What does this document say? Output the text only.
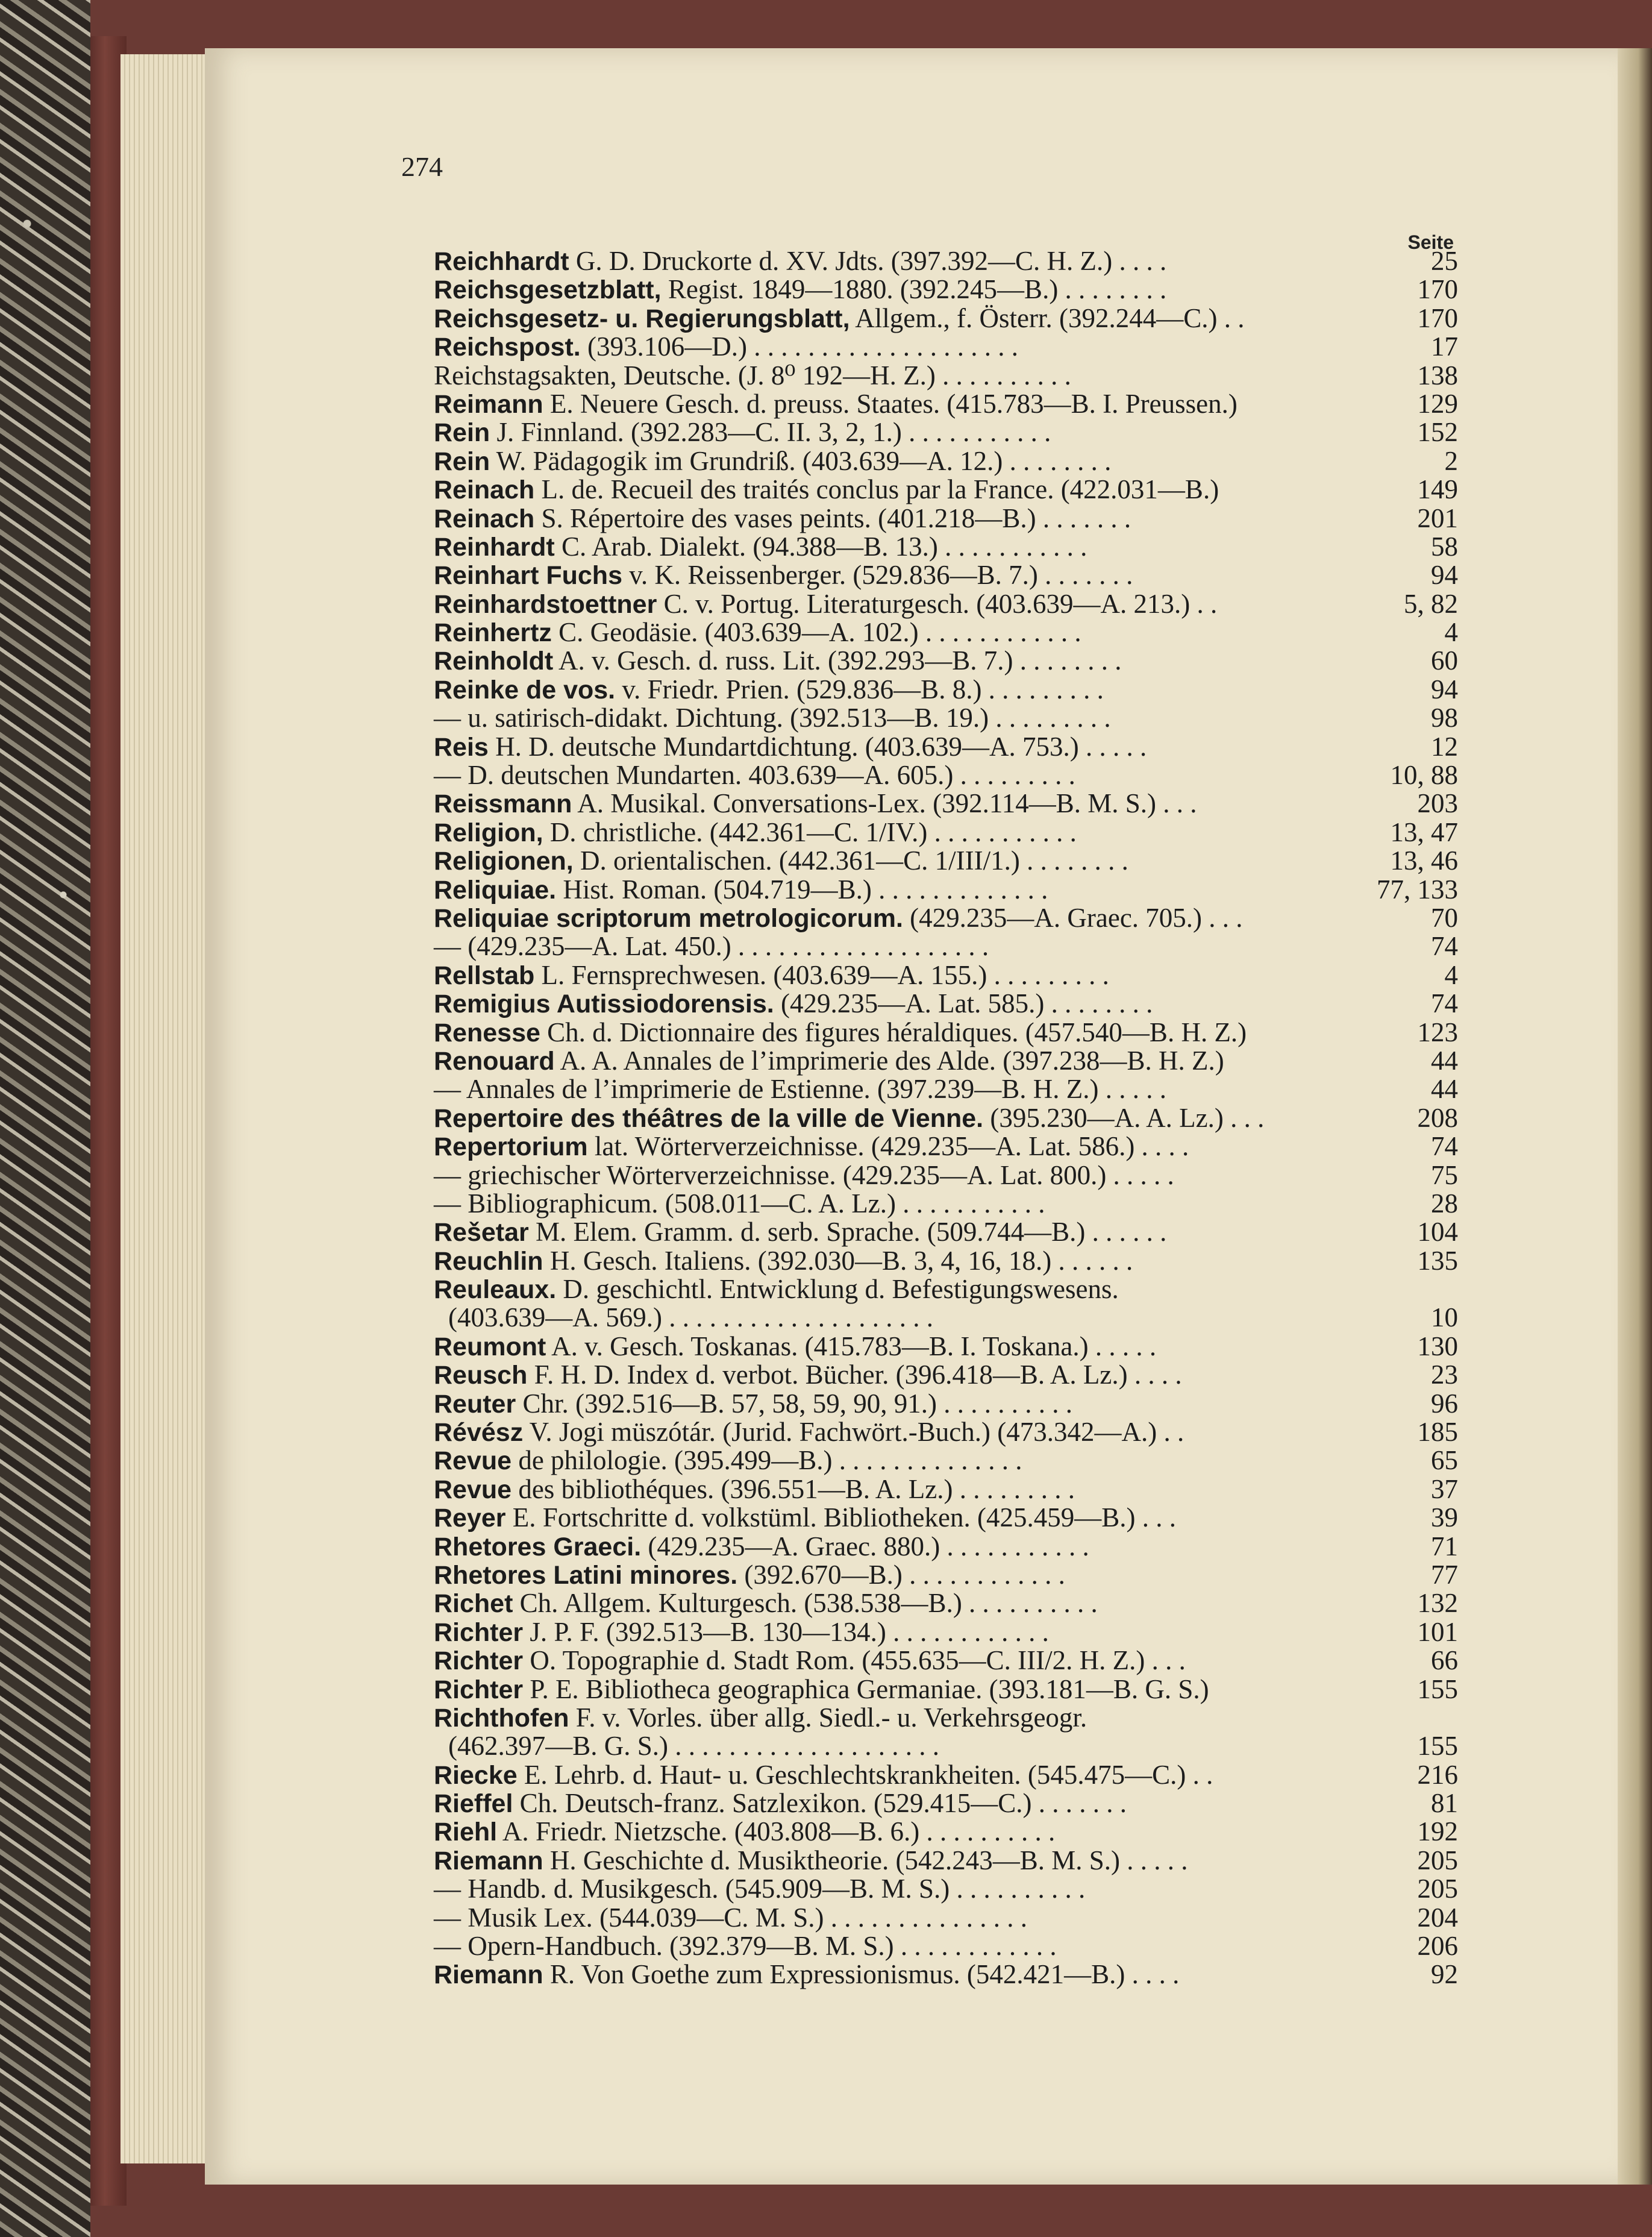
274
Seite
Reichhardt G. D. Druckorte d. XV. Jdts. (397.392—C. H. Z.) . . . .	25
Reichsgesetzblatt, Regist. 1849—1880. (392.245—B.) . . . . . . . .	170
Reichsgesetz- u. Regierungsblatt, Allgem., f. Österr. (392.244—C.) . .	170
Reichspost. (393.106—D.) . . . . . . . . . . . . . . . . . . . .	17
Reichstagsakten, Deutsche. (J. 8⁰ 192—H. Z.) . . . . . . . . . .	138
Reimann E. Neuere Gesch. d. preuss. Staates. (415.783—B. I. Preussen.)	129
Rein J. Finnland. (392.283—C. II. 3, 2, 1.) . . . . . . . . . . .	152
Rein W. Pädagogik im Grundriß. (403.639—A. 12.) . . . . . . . .	2
Reinach L. de. Recueil des traités conclus par la France. (422.031—B.)	149
Reinach S. Répertoire des vases peints. (401.218—B.) . . . . . . .	201
Reinhardt C. Arab. Dialekt. (94.388—B. 13.) . . . . . . . . . . .	58
Reinhart Fuchs v. K. Reissenberger. (529.836—B. 7.) . . . . . . .	94
Reinhardstoettner C. v. Portug. Literaturgesch. (403.639—A. 213.) . .	5, 82
Reinhertz C. Geodäsie. (403.639—A. 102.) . . . . . . . . . . . .	4
Reinholdt A. v. Gesch. d. russ. Lit. (392.293—B. 7.) . . . . . . . .	60
Reinke de vos. v. Friedr. Prien. (529.836—B. 8.) . . . . . . . . .	94
— u. satirisch-didakt. Dichtung. (392.513—B. 19.) . . . . . . . . .	98
Reis H. D. deutsche Mundartdichtung. (403.639—A. 753.) . . . . .	12
— D. deutschen Mundarten. 403.639—A. 605.) . . . . . . . . .	10, 88
Reissmann A. Musikal. Conversations-Lex. (392.114—B. M. S.) . . .	203
Religion, D. christliche. (442.361—C. 1/IV.) . . . . . . . . . . .	13, 47
Religionen, D. orientalischen. (442.361—C. 1/III/1.) . . . . . . . .	13, 46
Reliquiae. Hist. Roman. (504.719—B.) . . . . . . . . . . . . .	77, 133
Reliquiae scriptorum metrologicorum. (429.235—A. Graec. 705.) . . .	70
— (429.235—A. Lat. 450.) . . . . . . . . . . . . . . . . . . .	74
Rellstab L. Fernsprechwesen. (403.639—A. 155.) . . . . . . . . .	4
Remigius Autissiodorensis. (429.235—A. Lat. 585.) . . . . . . . .	74
Renesse Ch. d. Dictionnaire des figures héraldiques. (457.540—B. H. Z.)	123
Renouard A. A. Annales de l’imprimerie des Alde. (397.238—B. H. Z.)	44
— Annales de l’imprimerie de Estienne. (397.239—B. H. Z.) . . . . .	44
Repertoire des théâtres de la ville de Vienne. (395.230—A. A. Lz.) . . .	208
Repertorium lat. Wörterverzeichnisse. (429.235—A. Lat. 586.) . . . .	74
— griechischer Wörterverzeichnisse. (429.235—A. Lat. 800.) . . . . .	75
— Bibliographicum. (508.011—C. A. Lz.) . . . . . . . . . . .	28
Rešetar M. Elem. Gramm. d. serb. Sprache. (509.744—B.) . . . . . .	104
Reuchlin H. Gesch. Italiens. (392.030—B. 3, 4, 16, 18.) . . . . . .	135
Reuleaux. D. geschichtl. Entwicklung d. Befestigungswesens.
(403.639—A. 569.) . . . . . . . . . . . . . . . . . . . .	10
Reumont A. v. Gesch. Toskanas. (415.783—B. I. Toskana.) . . . . .	130
Reusch F. H. D. Index d. verbot. Bücher. (396.418—B. A. Lz.) . . . .	23
Reuter Chr. (392.516—B. 57, 58, 59, 90, 91.) . . . . . . . . . .	96
Révész V. Jogi müszótár. (Jurid. Fachwört.-Buch.) (473.342—A.) . .	185
Revue de philologie. (395.499—B.) . . . . . . . . . . . . . .	65
Revue des bibliothéques. (396.551—B. A. Lz.) . . . . . . . . .	37
Reyer E. Fortschritte d. volkstüml. Bibliotheken. (425.459—B.) . . .	39
Rhetores Graeci. (429.235—A. Graec. 880.) . . . . . . . . . . .	71
Rhetores Latini minores. (392.670—B.) . . . . . . . . . . . .	77
Richet Ch. Allgem. Kulturgesch. (538.538—B.) . . . . . . . . . .	132
Richter J. P. F. (392.513—B. 130—134.) . . . . . . . . . . . .	101
Richter O. Topographie d. Stadt Rom. (455.635—C. III/2. H. Z.) . . .	66
Richter P. E. Bibliotheca geographica Germaniae. (393.181—B. G. S.)	155
Richthofen F. v. Vorles. über allg. Siedl.- u. Verkehrsgeogr.
(462.397—B. G. S.) . . . . . . . . . . . . . . . . . . . .	155
Riecke E. Lehrb. d. Haut- u. Geschlechtskrankheiten. (545.475—C.) . .	216
Rieffel Ch. Deutsch-franz. Satzlexikon. (529.415—C.) . . . . . . .	81
Riehl A. Friedr. Nietzsche. (403.808—B. 6.) . . . . . . . . . .	192
Riemann H. Geschichte d. Musiktheorie. (542.243—B. M. S.) . . . . .	205
— Handb. d. Musikgesch. (545.909—B. M. S.) . . . . . . . . . .	205
— Musik Lex. (544.039—C. M. S.) . . . . . . . . . . . . . . .	204
— Opern-Handbuch. (392.379—B. M. S.) . . . . . . . . . . . .	206
Riemann R. Von Goethe zum Expressionismus. (542.421—B.) . . . .	92
